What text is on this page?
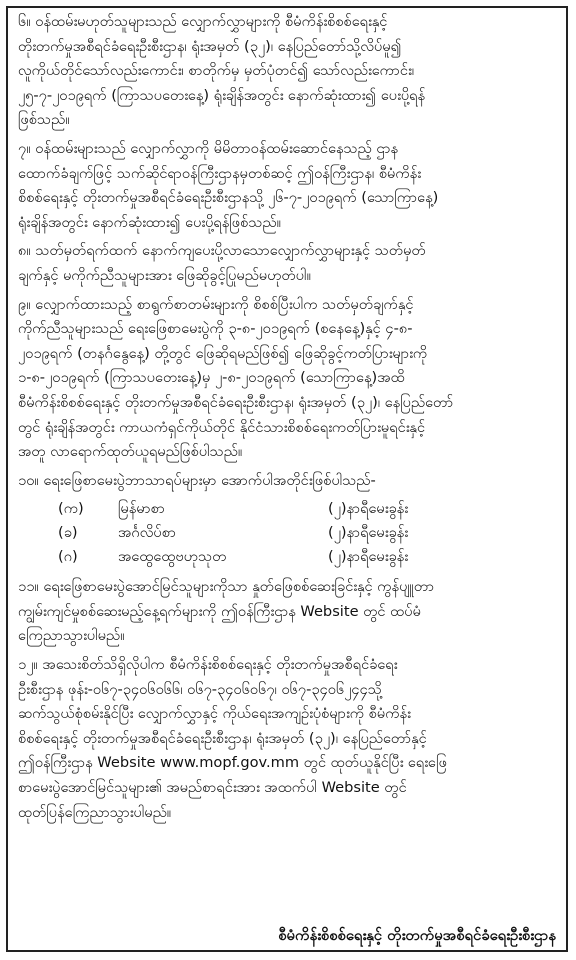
၆။ ဝန်ထမ်းမဟုတ်သူများသည် လျှောက်လွှာများကို စီမံကိန်းစိစစ်ရေးနှင့်
တိုးတက်မှုအစီရင်ခံရေးဦးစီးဌာန၊ ရုံးအမှတ် (၃၂)၊ နေပြည်တော်သို့လိပ်မူ၍
လူကိုယ်တိုင်သော်လည်းကောင်း၊ စာတိုက်မှ မှတ်ပုံတင်၍ သော်လည်းကောင်း၊
၂၅-၇-၂၀၁၉ရက် (ကြာသပတေးနေ့) ရုံးချိန်အတွင်း နောက်ဆုံးထား၍ ပေးပို့ရန်
ဖြစ်သည်။
၇။ ဝန်ထမ်းများသည် လျှောက်လွှာကို မိမိတာဝန်ထမ်းဆောင်နေသည့် ဌာန
ထောက်ခံချက်ဖြင့် သက်ဆိုင်ရာဝန်ကြီးဌာနမှတစ်ဆင့် ဤဝန်ကြီးဌာန၊ စီမံကိန်း
စိစစ်ရေးနှင့် တိုးတက်မှုအစီရင်ခံရေးဦးစီးဌာနသို့ ၂၆-၇-၂၀၁၉ရက် (သောကြာနေ့)
ရုံးချိန်အတွင်း နောက်ဆုံးထား၍ ပေးပို့ရန်ဖြစ်သည်။
၈။ သတ်မှတ်ရက်ထက် နောက်ကျပေးပို့လာသောလျှောက်လွှာများနှင့် သတ်မှတ်
ချက်နှင့် မကိုက်ညီသူများအား ဖြေဆိုခွင့်ပြုမည်မဟုတ်ပါ။
၉။ လျှောက်ထားသည့် စာရွက်စာတမ်းများကို စိစစ်ပြီးပါက သတ်မှတ်ချက်နှင့်
ကိုက်ညီသူများသည် ရေးဖြေစာမေးပွဲကို ၃-၈-၂၀၁၉ရက် (စနေနေ့)နှင့် ၄-၈-
၂၀၁၉ရက် (တနင်္ဂနွေနေ့) တို့တွင် ဖြေဆိုရမည်ဖြစ်၍ ဖြေဆိုခွင့်ကတ်ပြားများကို
၁-၈-၂၀၁၉ရက် (ကြာသပတေးနေ့)မှ ၂-၈-၂၀၁၉ရက် (သောကြာနေ့)အထိ
စီမံကိန်းစိစစ်ရေးနှင့် တိုးတက်မှုအစီရင်ခံရေးဦးစီးဌာန၊ ရုံးအမှတ် (၃၂)၊ နေပြည်တော်
တွင် ရုံးချိန်အတွင်း ကာယကံရှင်ကိုယ်တိုင် နိုင်ငံသားစိစစ်ရေးကတ်ပြားမူရင်းနှင့်
အတူ လာရောက်ထုတ်ယူရမည်ဖြစ်ပါသည်။
၁၀။ ရေးဖြေစာမေးပွဲဘာသာရပ်များမှာ အောက်ပါအတိုင်းဖြစ်ပါသည်-
(က)	မြန်မာစာ	(၂)နာရီမေးခွန်း
(ခ)	အင်္ဂလိပ်စာ	(၂)နာရီမေးခွန်း
(ဂ)	အထွေထွေဗဟုသုတ	(၂)နာရီမေးခွန်း
၁၁။ ရေးဖြေစာမေးပွဲအောင်မြင်သူများကိုသာ နှုတ်ဖြေစစ်ဆေးခြင်းနှင့် ကွန်ပျူတာ
ကျွမ်းကျင်မှုစစ်ဆေးမည့်နေ့ရက်များကို ဤဝန်ကြီးဌာန Website တွင် ထပ်မံ
ကြေညာသွားပါမည်။
၁၂။ အသေးစိတ်သိရှိလိုပါက စီမံကိန်းစိစစ်ရေးနှင့် တိုးတက်မှုအစီရင်ခံရေး
ဦးစီးဌာန ဖုန်း-၀၆၇-၃၄၀၆၀၆၆၊ ၀၆၇-၃၄၀၆၀၆၇၊ ၀၆၇-၃၄၀၆၂၄၄သို့
ဆက်သွယ်စုံစမ်းနိုင်ပြီး လျှောက်လွှာနှင့် ကိုယ်ရေးအကျဉ်းပုံစံများကို စီမံကိန်း
စိစစ်ရေးနှင့် တိုးတက်မှုအစီရင်ခံရေးဦးစီးဌာန၊ ရုံးအမှတ် (၃၂)၊ နေပြည်တော်နှင့်
ဤဝန်ကြီးဌာန Website www.mopf.gov.mm တွင် ထုတ်ယူနိုင်ပြီး ရေးဖြေ
စာမေးပွဲအောင်မြင်သူများ၏ အမည်စာရင်းအား အထက်ပါ Website တွင်
ထုတ်ပြန်ကြေညာသွားပါမည်။
စီမံကိန်းစိစစ်ရေးနှင့် တိုးတက်မှုအစီရင်ခံရေးဦးစီးဌာန
